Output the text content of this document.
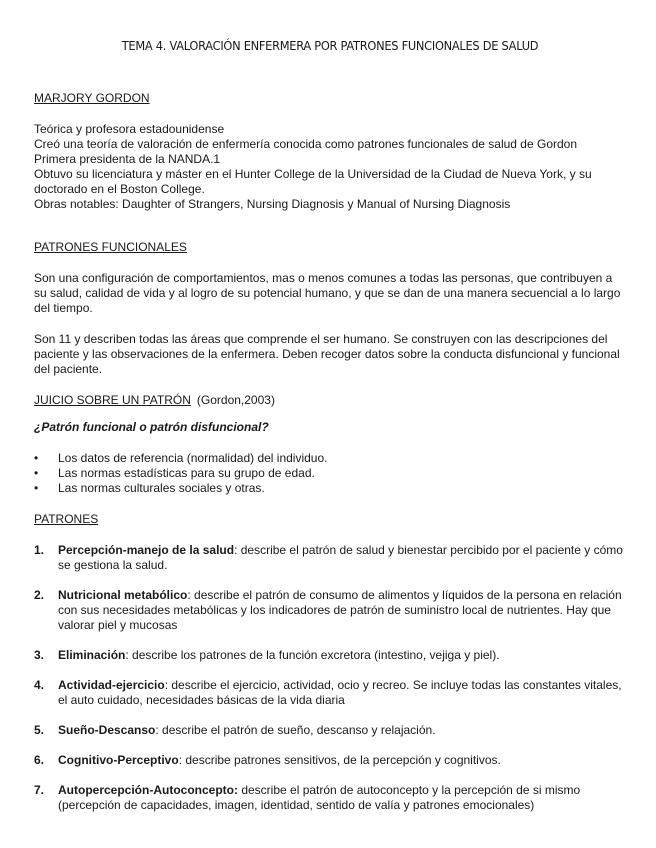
TEMA 4. VALORACIÓN ENFERMERA POR PATRONES FUNCIONALES DE SALUD

MARJORY GORDON

Teórica y profesora estadounidense

Creó una teoría de valoración de enfermería conocida como patrones funcionales de salud de Gordon

Primera presidenta de la NANDA.1

Obtuvo su licenciatura y máster en el Hunter College de la Universidad de la Ciudad de Nueva York, y su doctorado en el Boston College.

Obras notables: Daughter of Strangers, Nursing Diagnosis y Manual of Nursing Diagnosis

PATRONES FUNCIONALES

Son una configuración de comportamientos, mas o menos comunes a todas las personas, que contribuyen a su salud, calidad de vida y al logro de su potencial humano, y que se dan de una manera secuencial a lo largo del tiempo.

Son 11 y describen todas las áreas que comprende el ser humano. Se construyen con las descripciones del paciente y las observaciones de la enfermera. Deben recoger datos sobre la conducta disfuncional y funcional del paciente.

JUICIO SOBRE UN PATRÓN (Gordon,2003)

¿Patrón funcional o patrón disfuncional?

• Los datos de referencia (normalidad) del individuo.
• Las normas estadísticas para su grupo de edad.
• Las normas culturales sociales y otras.

PATRONES

1. Percepción-manejo de la salud: describe el patrón de salud y bienestar percibido por el paciente y cómo se gestiona la salud.
2. Nutricional metabólico: describe el patrón de consumo de alimentos y líquidos de la persona en relación con sus necesidades metabólicas y los indicadores de patrón de suministro local de nutrientes. Hay que valorar piel y mucosas
3. Eliminación: describe los patrones de la función excretora (intestino, vejiga y piel).
4. Actividad-ejercicio: describe el ejercicio, actividad, ocio y recreo. Se incluye todas las constantes vitales, el auto cuidado, necesidades básicas de la vida diaria
5. Sueño-Descanso: describe el patrón de sueño, descanso y relajación.
6. Cognitivo-Perceptivo: describe patrones sensitivos, de la percepción y cognitivos.
7. Autopercepción-Autoconcepto: describe el patrón de autoconcepto y la percepción de si mismo (percepción de capacidades, imagen, identidad, sentido de valía y patrones emocionales)
